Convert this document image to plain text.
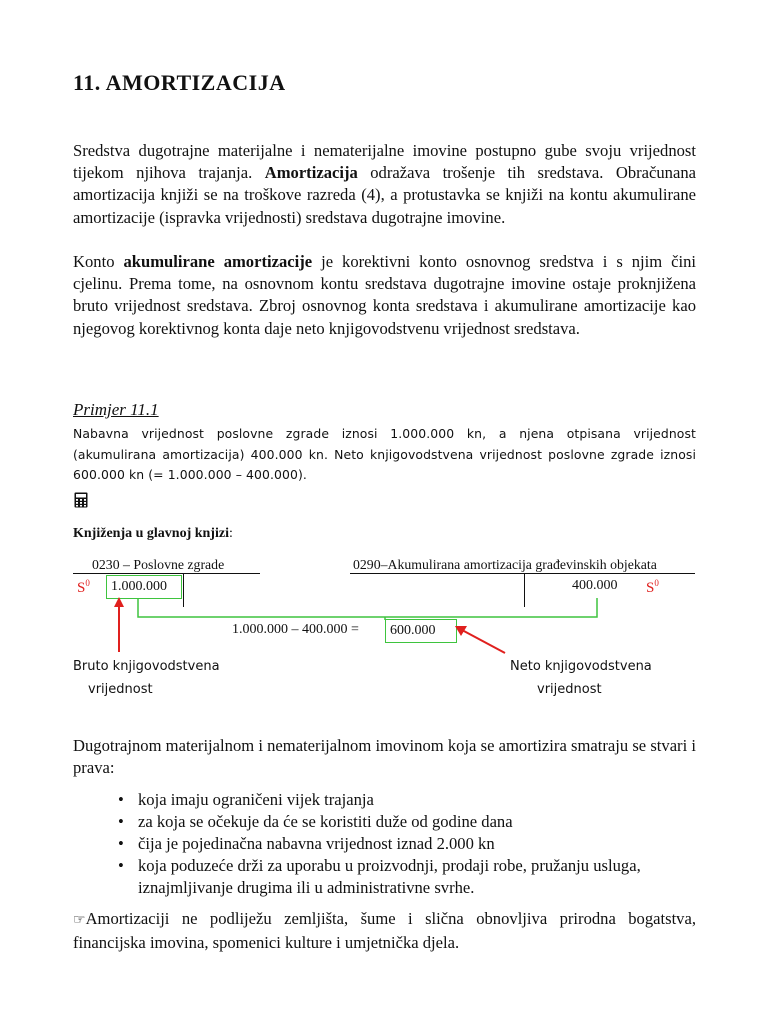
11. AMORTIZACIJA
Sredstva dugotrajne materijalne i nematerijalne imovine postupno gube svoju vrijednost tijekom njihova trajanja. Amortizacija odražava trošenje tih sredstava. Obračunana amortizacija knjiži se na troškove razreda (4), a protustavka se knjiži na kontu akumulirane amortizacije (ispravka vrijednosti) sredstava dugotrajne imovine.
Konto akumulirane amortizacije je korektivni konto osnovnog sredstva i s njim čini cjelinu. Prema tome, na osnovnom kontu sredstava dugotrajne imovine ostaje proknjižena bruto vrijednost sredstava. Zbroj osnovnog konta sredstava i akumulirane amortizacije kao njegovog korektivnog konta daje neto knjigovodstvenu vrijednost sredstava.
Primjer 11.1
Nabavna vrijednost poslovne zgrade iznosi 1.000.000 kn, a njena otpisana vrijednost (akumulirana amortizacija) 400.000 kn. Neto knjigovodstvena vrijednost poslovne zgrade iznosi 600.000 kn (= 1.000.000 – 400.000).
Knjiženja u glavnoj knjizi:
0230 – Poslovne zgrade	0290–Akumulirana amortizacija građevinskih objekata
$S^0$	$S^0$
1.000.000	400.000
1.000.000 – 400.000 =	600.000
Bruto knjigovodstvena
vrijednost
Neto knjigovodstvena
vrijednost
Dugotrajnom materijalnom i nematerijalnom imovinom koja se amortizira smatraju se stvari i prava:
• koja imaju ograničeni vijek trajanja
• za koja se očekuje da će se koristiti duže od godine dana
• čija je pojedinačna nabavna vrijednost iznad 2.000 kn
• koja poduzeće drži za uporabu u proizvodnji, prodaji robe, pružanju usluga, iznajmljivanje drugima ili u administrativne svrhe.
☞Amortizaciji ne podliježu zemljišta, šume i slična obnovljiva prirodna bogatstva, financijska imovina, spomenici kulture i umjetnička djela.
